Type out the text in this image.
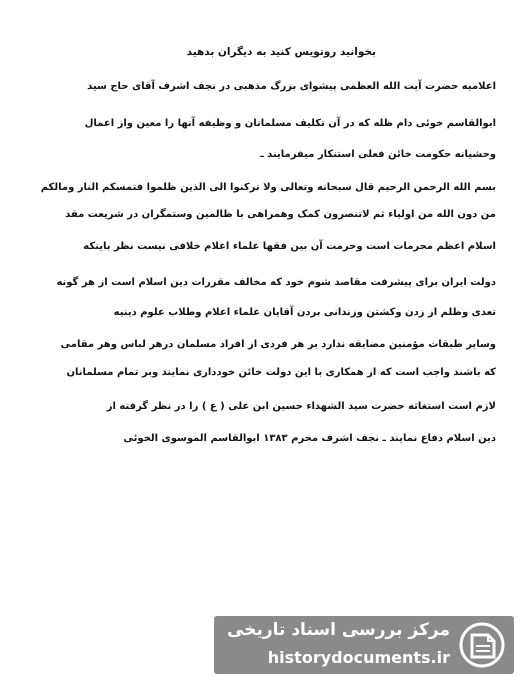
بخوانید روتویس کنید به دیگران بدهید
اعلامیه حضرت آیت الله العظمی پیشوای بزرگ مذهبی در نجف اشرف آقای حاج سید
ابوالقاسم خوئی دام ظله که در آن تکلیف مسلمانان و وظیفه آنها را معین واز اعمال
وحشیانه حکومت خائن فعلی استنکار میفرمایند ـ
بسم الله الرحمن الرحیم قال سبحانه وتعالی ولا ترکنوا الی الذین ظلموا فتمسکم النار ومالکم
من دون الله من اولیاء ثم لاتنصرون کمک وهمراهی با ظالمین وستمگران در شریعت مقد
اسلام اعظم محرمات است وحرمت آن بین فقها علماء اعلام خلافی نیست نظر باینکه
دولت ایران برای پیشرفت مقاصد شوم خود که مخالف مقررات دین اسلام است از هر گونه
تعدی وظلم از زدن وکشتن وزندانی بردن آقایان علماء اعلام وطلاب علوم دینیه
وسایر طبقات مؤمنین مضایقه ندارد بر هر فردی از افراد مسلمان درهر لباس وهر مقامی
که باشند واجب است که از همکاری با این دولت خائن خودداری نمایند وبر تمام مسلمانان
لازم است استغاثه حضرت سید الشهداء حسین ابن علی ( ع ) را در نظر گرفته از
دین اسلام دفاع نمایند ـ نجف اشرف محرم ۱۳۸۳ ابوالقاسم الموسوی الخوئی
مرکز بررسی اسناد تاریخی
historydocuments.ir
